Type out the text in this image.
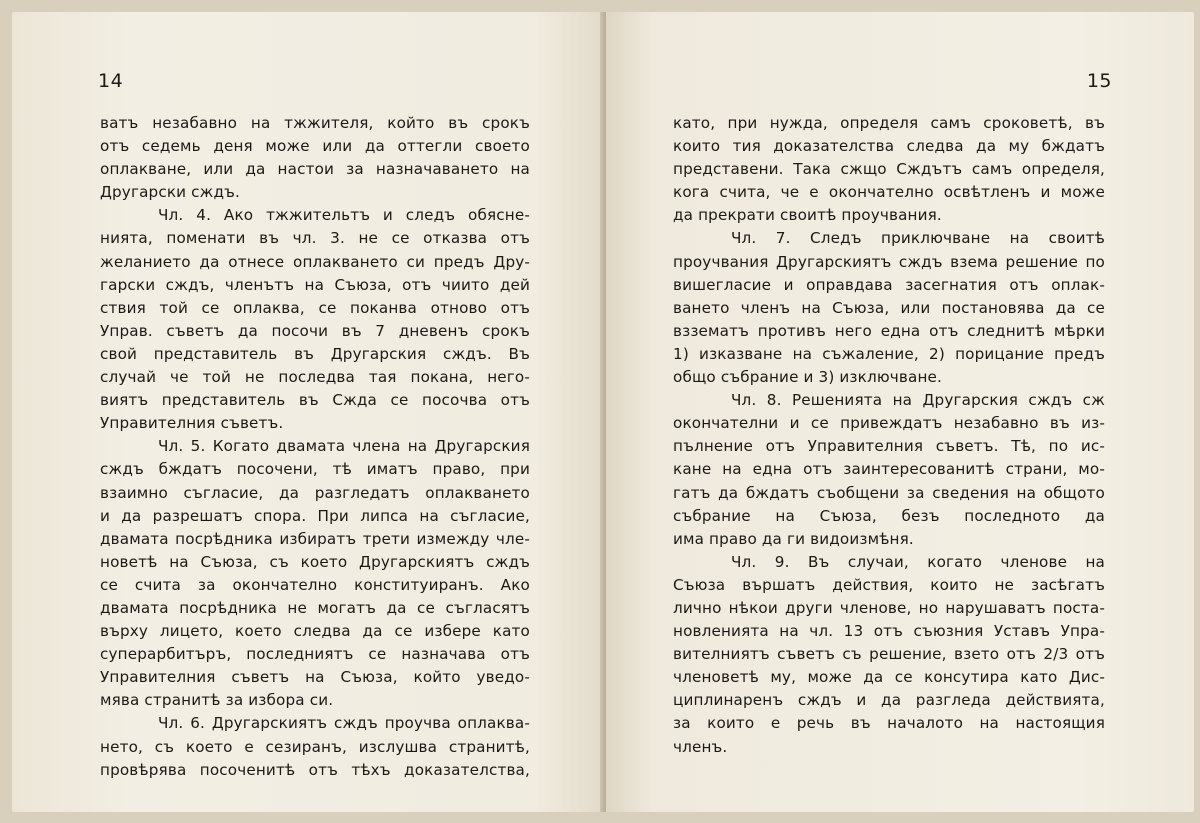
14
ватъ незабавно на тжжителя, който въ срокъ
отъ седемь деня може или да оттегли своето
оплакване, или да настои за назначаването на
Другарски сждъ.
Чл. 4. Ако тжжительтъ и следъ обясне-
нията, поменати въ чл. 3. не се отказва отъ
желанието да отнесе оплакването си предъ Дру-
гарски сждъ, членътъ на Съюза, отъ чиито дей
ствия той се оплаква, се поканва отново отъ
Управ. съветъ да посочи въ 7 дневенъ срокъ
свой представитель въ Другарския сждъ. Въ
случай че той не последва тая покана, него-
виятъ представитель въ Сжда се посочва отъ
Управителния съветъ.
Чл. 5. Когато двамата члена на Другарския
сждъ бждатъ посочени, тѣ иматъ право, при
взаимно съгласие, да разгледатъ оплакването
и да разрешатъ спора. При липса на съгласие,
двамата посрѣдника избиратъ трети измежду чле-
новетѣ на Съюза, съ което Другарскиятъ сждъ
се счита за окончателно конституиранъ. Ако
двамата посрѣдника не могатъ да се съгласятъ
върху лицето, което следва да се избере като
суперарбитъръ, последниятъ се назначава отъ
Управителния съветъ на Съюза, който уведо-
мява странитѣ за избора си.
Чл. 6. Другарскиятъ сждъ проучва оплаква-
нето, съ което е сезиранъ, изслушва странитѣ,
провѣрява посоченитѣ отъ тѣхъ доказателства,
15
като, при нужда, определя самъ сроковетѣ, въ
които тия доказателства следва да му бждатъ
представени. Така сжщо Сждътъ самъ определя,
кога счита, че е окончателно освѣтленъ и може
да прекрати своитѣ проучвания.
Чл. 7. Следъ приключване на своитѣ
проучвания Другарскиятъ сждъ взема решение по
вишегласие и оправдава засегнатия отъ оплак-
ването членъ на Съюза, или постановява да се
вззематъ противъ него една отъ следнитѣ мѣрки
1) изказване на съжаление, 2) порицание предъ
общо събрание и 3) изключване.
Чл. 8. Решенията на Другарския сждъ сж
окончателни и се привеждатъ незабавно въ из-
пълнение отъ Управителния съветъ. Тѣ, по ис-
кане на една отъ заинтересованитѣ страни, мо-
гатъ да бждатъ съобщени за сведения на общото
събрание на Съюза, безъ последното да
има право да ги видоизмѣня.
Чл. 9. Въ случаи, когато членове на
Съюза вършатъ действия, които не засѣгатъ
лично нѣкои други членове, но нарушаватъ поста-
новленията на чл. 13 отъ съюзния Уставъ Упра-
вителниятъ съветъ съ решение, взето отъ 2/3 отъ
членоветѣ му, може да се консутира като Дис-
циплинаренъ сждъ и да разгледа действията,
за които е речь въ началото на настоящия
членъ.
